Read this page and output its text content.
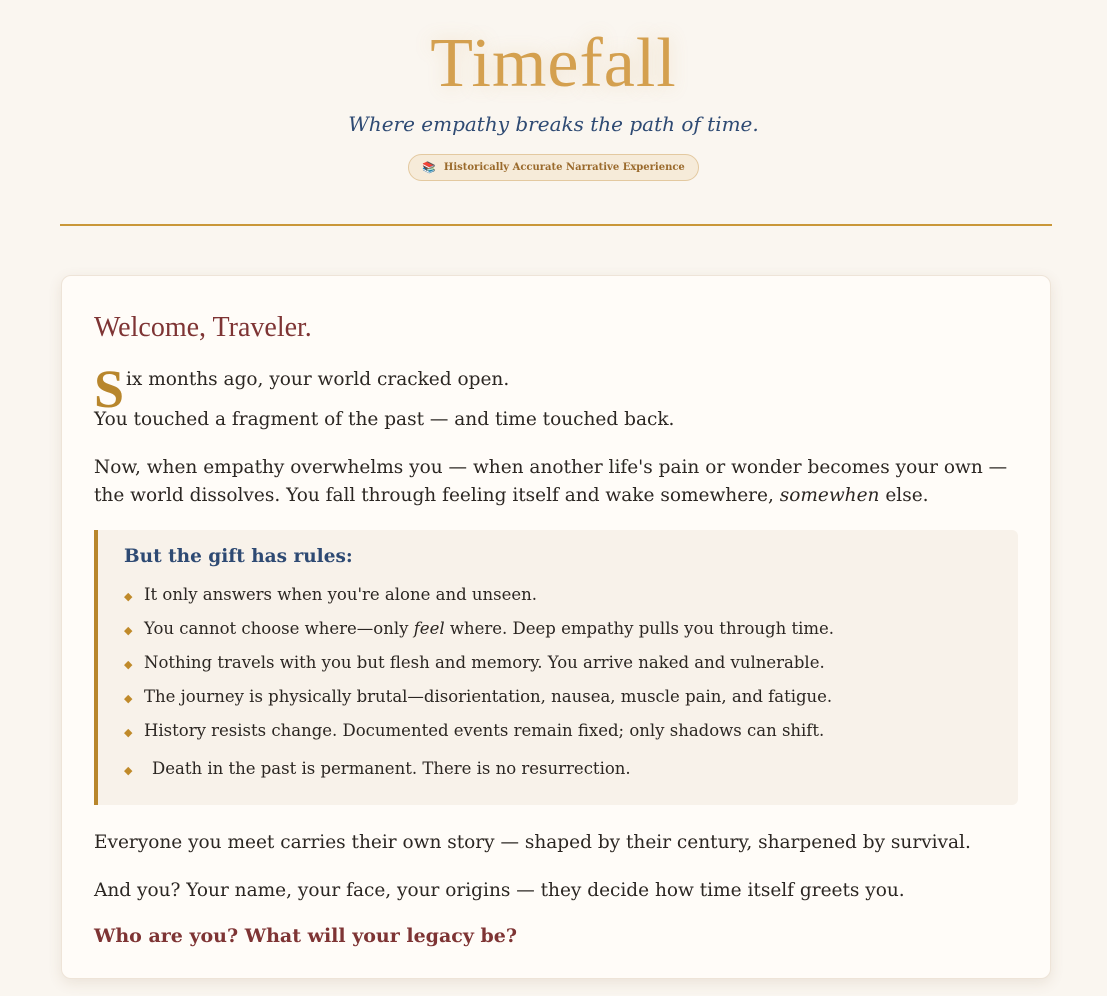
Timefall
Where empathy breaks the path of time.
📚 Historically Accurate Narrative Experience
Welcome, Traveler.
S ix months ago, your world cracked open.

You touched a fragment of the past — and time touched back.

Now, when empathy overwhelms you — when another life's pain or wonder becomes your own — the world dissolves. You fall through feeling itself and wake somewhere, somewhen else.

But the gift has rules:
◆ It only answers when you're alone and unseen.
◆ You cannot choose where—only feel where. Deep empathy pulls you through time.
◆ Nothing travels with you but flesh and memory. You arrive naked and vulnerable.
◆ The journey is physically brutal—disorientation, nausea, muscle pain, and fatigue.
◆ History resists change. Documented events remain fixed; only shadows can shift.
◆	Death in the past is permanent. There is no resurrection.

Everyone you meet carries their own story — shaped by their century, sharpened by survival.

And you? Your name, your face, your origins — they decide how time itself greets you.

Who are you? What will your legacy be?
